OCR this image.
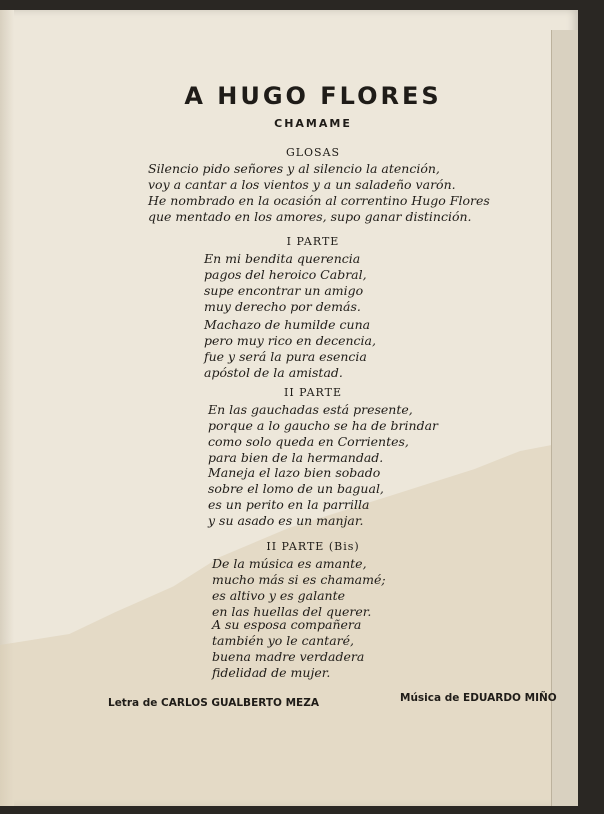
A HUGO FLORES
CHAMAME
GLOSAS
Silencio pido señores y al silencio la atención,
voy a cantar a los vientos y a un saladeño varón.
He nombrado en la ocasión al correntino Hugo Flores
que mentado en los amores, supo ganar distinción.
I PARTE
En mi bendita querencia
pagos del heroico Cabral,
supe encontrar un amigo
muy derecho por demás.
Machazo de humilde cuna
pero muy rico en decencia,
fue y será la pura esencia
apóstol de la amistad.
II PARTE
En las gauchadas está presente,
porque a lo gaucho se ha de brindar
como solo queda en Corrientes,
para bien de la hermandad.
Maneja el lazo bien sobado
sobre el lomo de un bagual,
es un perito en la parrilla
y su asado es un manjar.
II PARTE (Bis)
De la música es amante,
mucho más si es chamamé;
es altivo y es galante
en las huellas del querer.
A su esposa compañera
también yo le cantaré,
buena madre verdadera
fidelidad de mujer.
Letra de CARLOS GUALBERTO MEZA	Música de EDUARDO MIÑO
